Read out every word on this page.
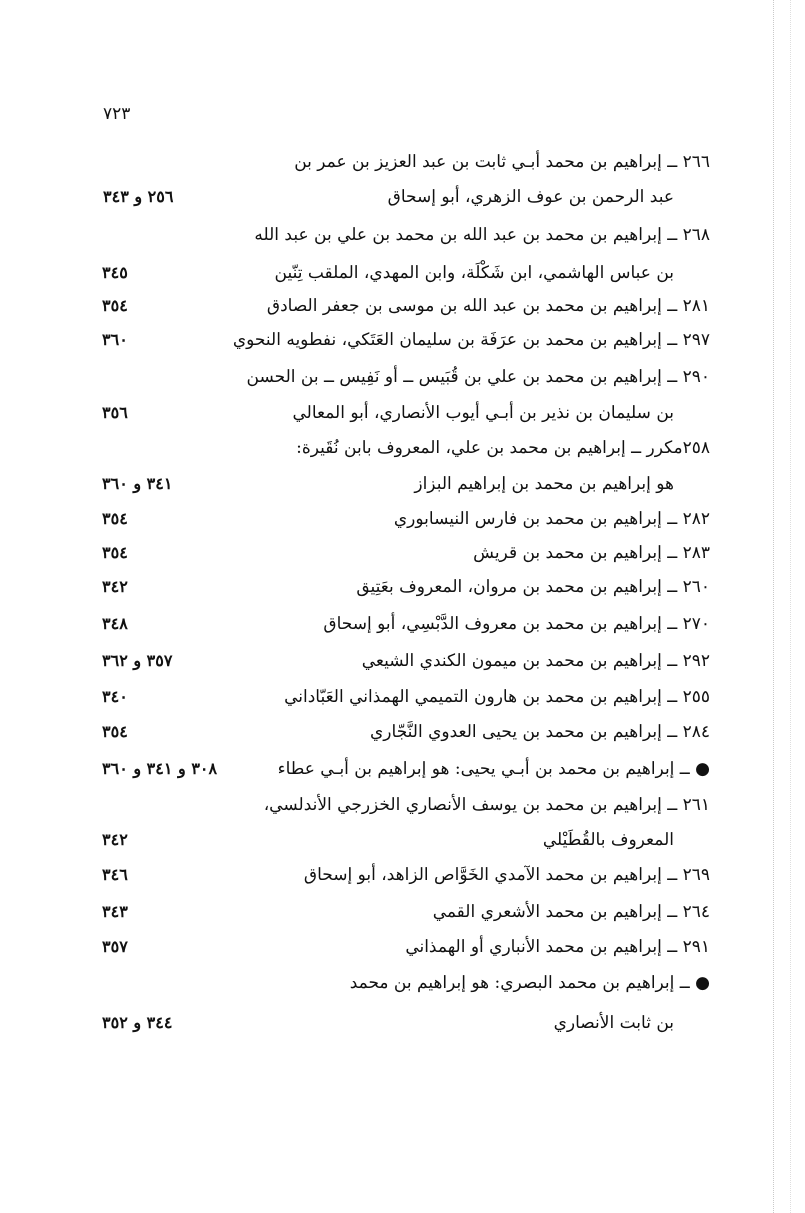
٧٢٣
٢٦٦ ــ إبراهيم بن محمد أبـي ثابت بن عبد العزيز بن عمر بن
عبد الرحمن بن عوف الزهري، أبو إسحاق
٢٥٦ و ٣٤٣
٢٦٨ ــ إبراهيم بن محمد بن عبد الله بن محمد بن علي بن عبد الله
بن عباس الهاشمي، ابن شَكْلَة، وابن المهدي، الملقب تِنّين
٣٤٥
٢٨١ ــ إبراهيم بن محمد بن عبد الله بن موسى بن جعفر الصادق
٣٥٤
٢٩٧ ــ إبراهيم بن محمد بن عرَفَة بن سليمان العَتَكي، نفطويه النحوي
٣٦٠
٢٩٠ ــ إبراهيم بن محمد بن علي بن قُبَيس ــ أو نَفِيس ــ بن الحسن
بن سليمان بن نذير بن أبـي أيوب الأنصاري، أبو المعالي
٣٥٦
٢٥٨مكرر ــ إبراهيم بن محمد بن علي، المعروف بابن نُقَيرة:
هو إبراهيم بن محمد بن إبراهيم البزاز
٣٤١ و ٣٦٠
٢٨٢ ــ إبراهيم بن محمد بن فارس النيسابوري
٣٥٤
٢٨٣ ــ إبراهيم بن محمد بن قريش
٣٥٤
٢٦٠ ــ إبراهيم بن محمد بن مروان، المعروف بعَتِيق
٣٤٢
٢٧٠ ــ إبراهيم بن محمد بن معروف الدَّبْسِي، أبو إسحاق
٣٤٨
٢٩٢ ــ إبراهيم بن محمد بن ميمون الكندي الشيعي
٣٥٧ و ٣٦٢
٢٥٥ ــ إبراهيم بن محمد بن هارون التميمي الهمذاني العَبّاداني
٣٤٠
٢٨٤ ــ إبراهيم بن محمد بن يحيى العدوي النَّجّاري
٣٥٤
● ــ إبراهيم بن محمد بن أبـي يحيى: هو إبراهيم بن أبـي عطاء
٣٠٨ و ٣٤١ و ٣٦٠
٢٦١ ــ إبراهيم بن محمد بن يوسف الأنصاري الخزرجي الأندلسي،
المعروف بالقُطَيْلي
٣٤٢
٢٦٩ ــ إبراهيم بن محمد الآمدي الخَوَّاص الزاهد، أبو إسحاق
٣٤٦
٢٦٤ ــ إبراهيم بن محمد الأشعري القمي
٣٤٣
٢٩١ ــ إبراهيم بن محمد الأنباري أو الهمذاني
٣٥٧
● ــ إبراهيم بن محمد البصري: هو إبراهيم بن محمد
بن ثابت الأنصاري
٣٤٤ و ٣٥٢
